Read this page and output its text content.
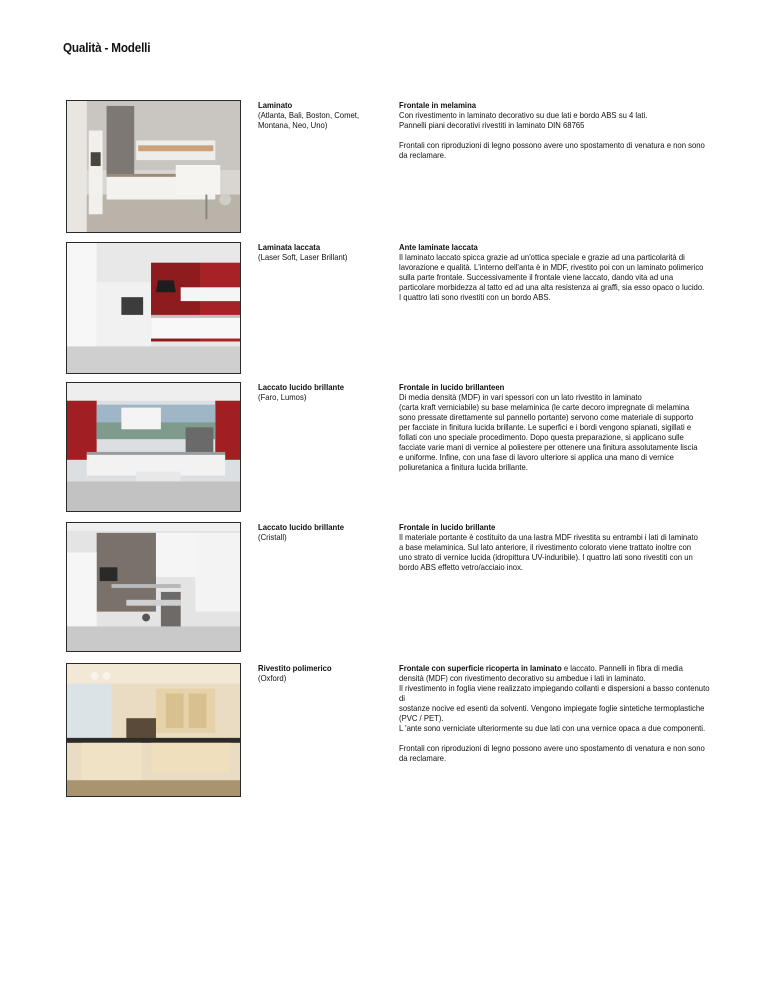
Qualità - Modelli
Laminato
(Atlanta, Bali, Boston, Comet,
Montana, Neo, Uno)

Frontale in melamina

Con rivestimento in laminato decorativo su due lati e bordo ABS su 4 lati.
Pannelli piani decorativi rivestiti in laminato DIN 68765

Frontali con riproduzioni di legno possono avere uno spostamento di venatura e non sono
da reclamare.

Laminata laccata
(Laser Soft, Laser Brillant)

Ante laminate laccata

Il laminato laccato spicca grazie ad un'ottica speciale e grazie ad una particolarità di
lavorazione e qualità. L'interno dell'anta è in MDF, rivestito poi con un laminato polimerico
sulla parte frontale. Successivamente il frontale viene laccato, dando vita ad una
particolare morbidezza al tatto ed ad una alta resistenza ai graffi, sia esso opaco o lucido.
I quattro lati sono rivestiti con un bordo ABS.

Laccato lucido brillante
(Faro, Lumos)

Frontale in lucido brillanteen

Di media densità (MDF) in vari spessori con un lato rivestito in laminato
(carta kraft verniciabile) su base melaminica (le carte decoro impregnate di melamina
sono pressate direttamente sul pannello portante) servono come materiale di supporto
per facciate in finitura lucida brillante. Le superfici e i bordi vengono spianati, sigillati e
follati con uno speciale procedimento. Dopo questa preparazione, si applicano sulle
facciate varie mani di vernice al poliestere per ottenere una finitura assolutamente liscia
e uniforme. Infine, con una fase di lavoro ulteriore si applica una mano di vernice
poliuretanica a finitura lucida brillante.

Laccato lucido brillante
(Cristall)

Frontale in lucido brillante

Il materiale portante è costituito da una lastra MDF rivestita su entrambi i lati di laminato
a base melaminica. Sul lato anteriore, il rivestimento colorato viene trattato inoltre con
uno strato di vernice lucida (idropittura UV-induribile). I quattro lati sono rivestiti con un
bordo ABS effetto vetro/acciaio inox.

Rivestito polimerico
(Oxford)

Frontale con superficie ricoperta in laminato e laccato. Pannelli in fibra di media

densità (MDF) con rivestimento decorativo su ambedue i lati in laminato.
Il rivestimento in foglia viene realizzato impiegando collanti e dispersioni a basso contenuto di
sostanze nocive ed esenti da solventi. Vengono impiegate foglie sintetiche termoplastiche
(PVC / PET).
L 'ante sono verniciate ulteriormente su due lati con una vernice opaca a due componenti.

Frontali con riproduzioni di legno possono avere uno spostamento di venatura e non sono
da reclamare.
